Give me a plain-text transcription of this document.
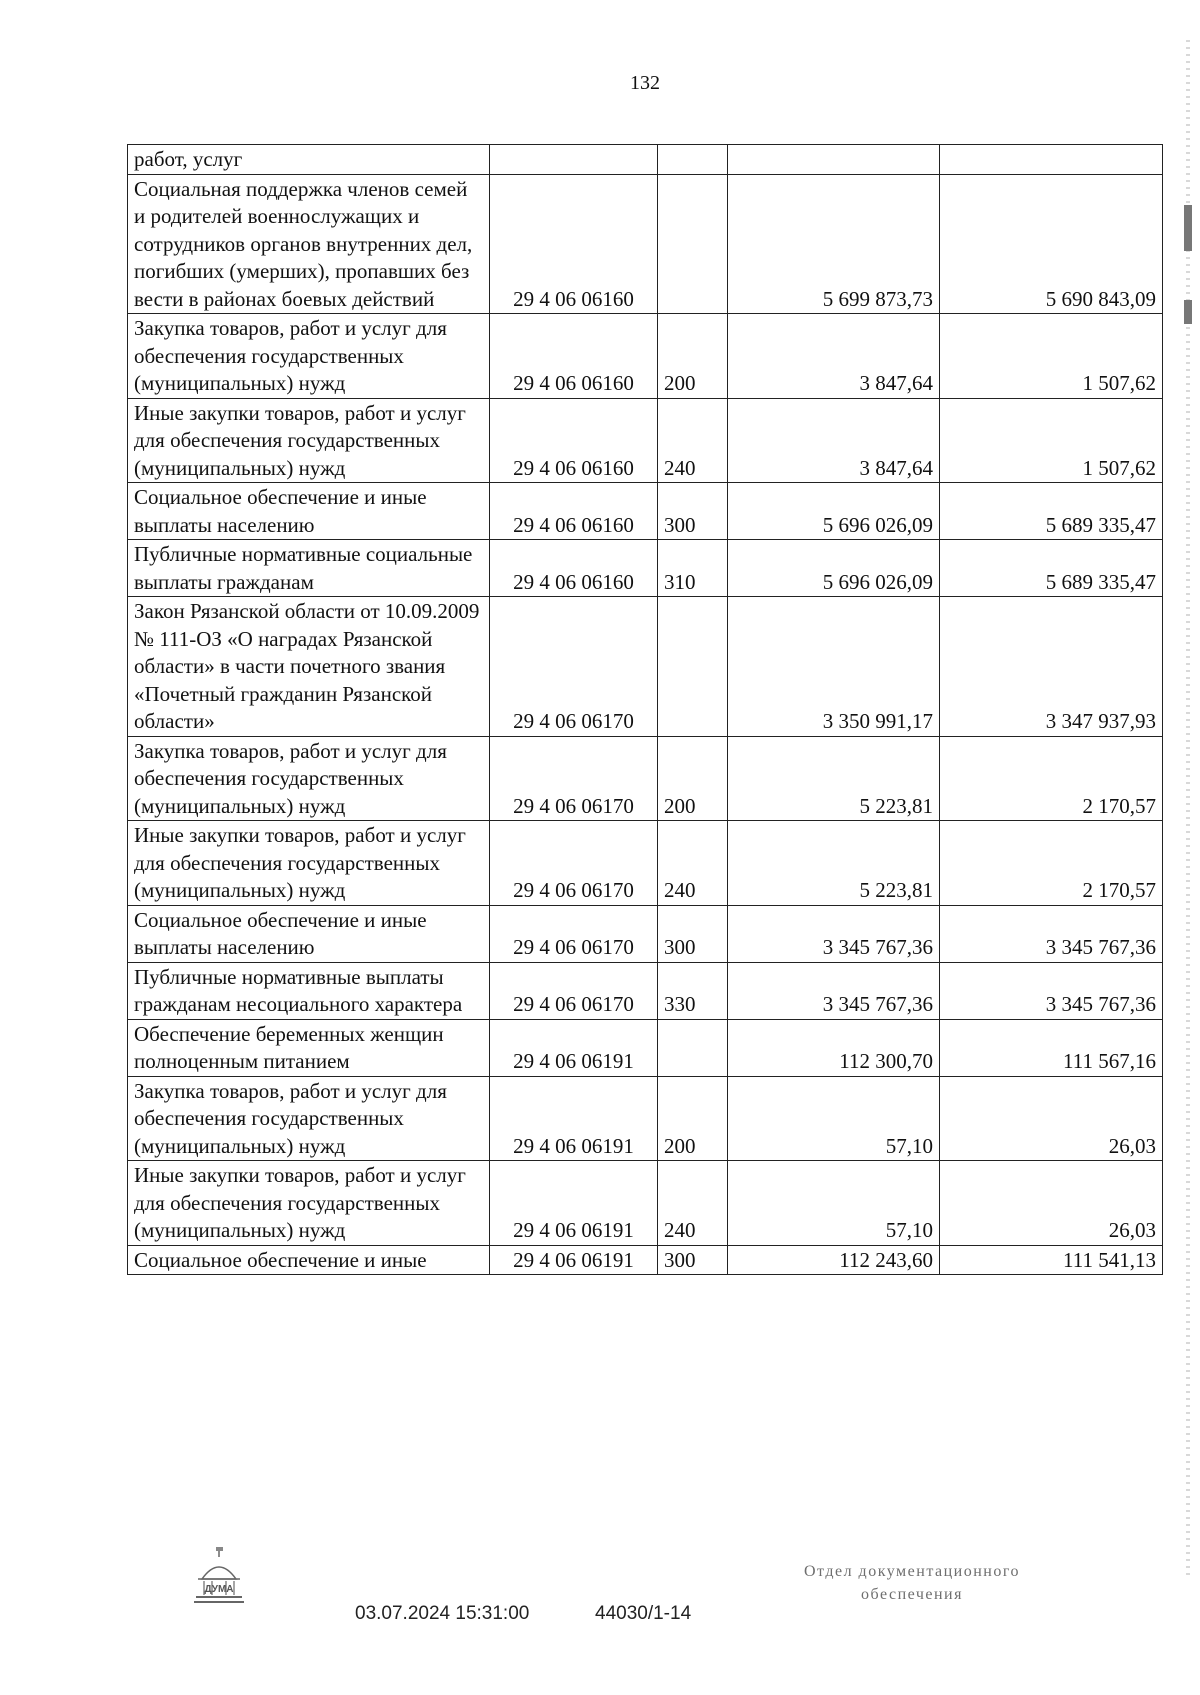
132
работ, услуг				
Социальная поддержка членов семей и родителей военнослужащих и сотрудников органов внутренних дел, погибших (умерших), пропавших без вести в районах боевых действий	29 4 06 06160		5 699 873,73	5 690 843,09
Закупка товаров, работ и услуг для обеспечения государственных (муниципальных) нужд	29 4 06 06160	200	3 847,64	1 507,62
Иные закупки товаров, работ и услуг для обеспечения государственных (муниципальных) нужд	29 4 06 06160	240	3 847,64	1 507,62
Социальное обеспечение и иные выплаты населению	29 4 06 06160	300	5 696 026,09	5 689 335,47
Публичные нормативные социальные выплаты гражданам	29 4 06 06160	310	5 696 026,09	5 689 335,47
Закон Рязанской области от 10.09.2009 № 111-ОЗ «О наградах Рязанской области» в части почетного звания «Почетный гражданин Рязанской области»	29 4 06 06170		3 350 991,17	3 347 937,93
Закупка товаров, работ и услуг для обеспечения государственных (муниципальных) нужд	29 4 06 06170	200	5 223,81	2 170,57
Иные закупки товаров, работ и услуг для обеспечения государственных (муниципальных) нужд	29 4 06 06170	240	5 223,81	2 170,57
Социальное обеспечение и иные выплаты населению	29 4 06 06170	300	3 345 767,36	3 345 767,36
Публичные нормативные выплаты гражданам несоциального характера	29 4 06 06170	330	3 345 767,36	3 345 767,36
Обеспечение беременных женщин полноценным питанием	29 4 06 06191		112 300,70	111 567,16
Закупка товаров, работ и услуг для обеспечения государственных (муниципальных) нужд	29 4 06 06191	200	57,10	26,03
Иные закупки товаров, работ и услуг для обеспечения государственных (муниципальных) нужд	29 4 06 06191	240	57,10	26,03
Социальное обеспечение и иные	29 4 06 06191	300	112 243,60	111 541,13
ДУМА
Отдел документационного
обеспечения
03.07.2024 15:31:00	44030/1-14
